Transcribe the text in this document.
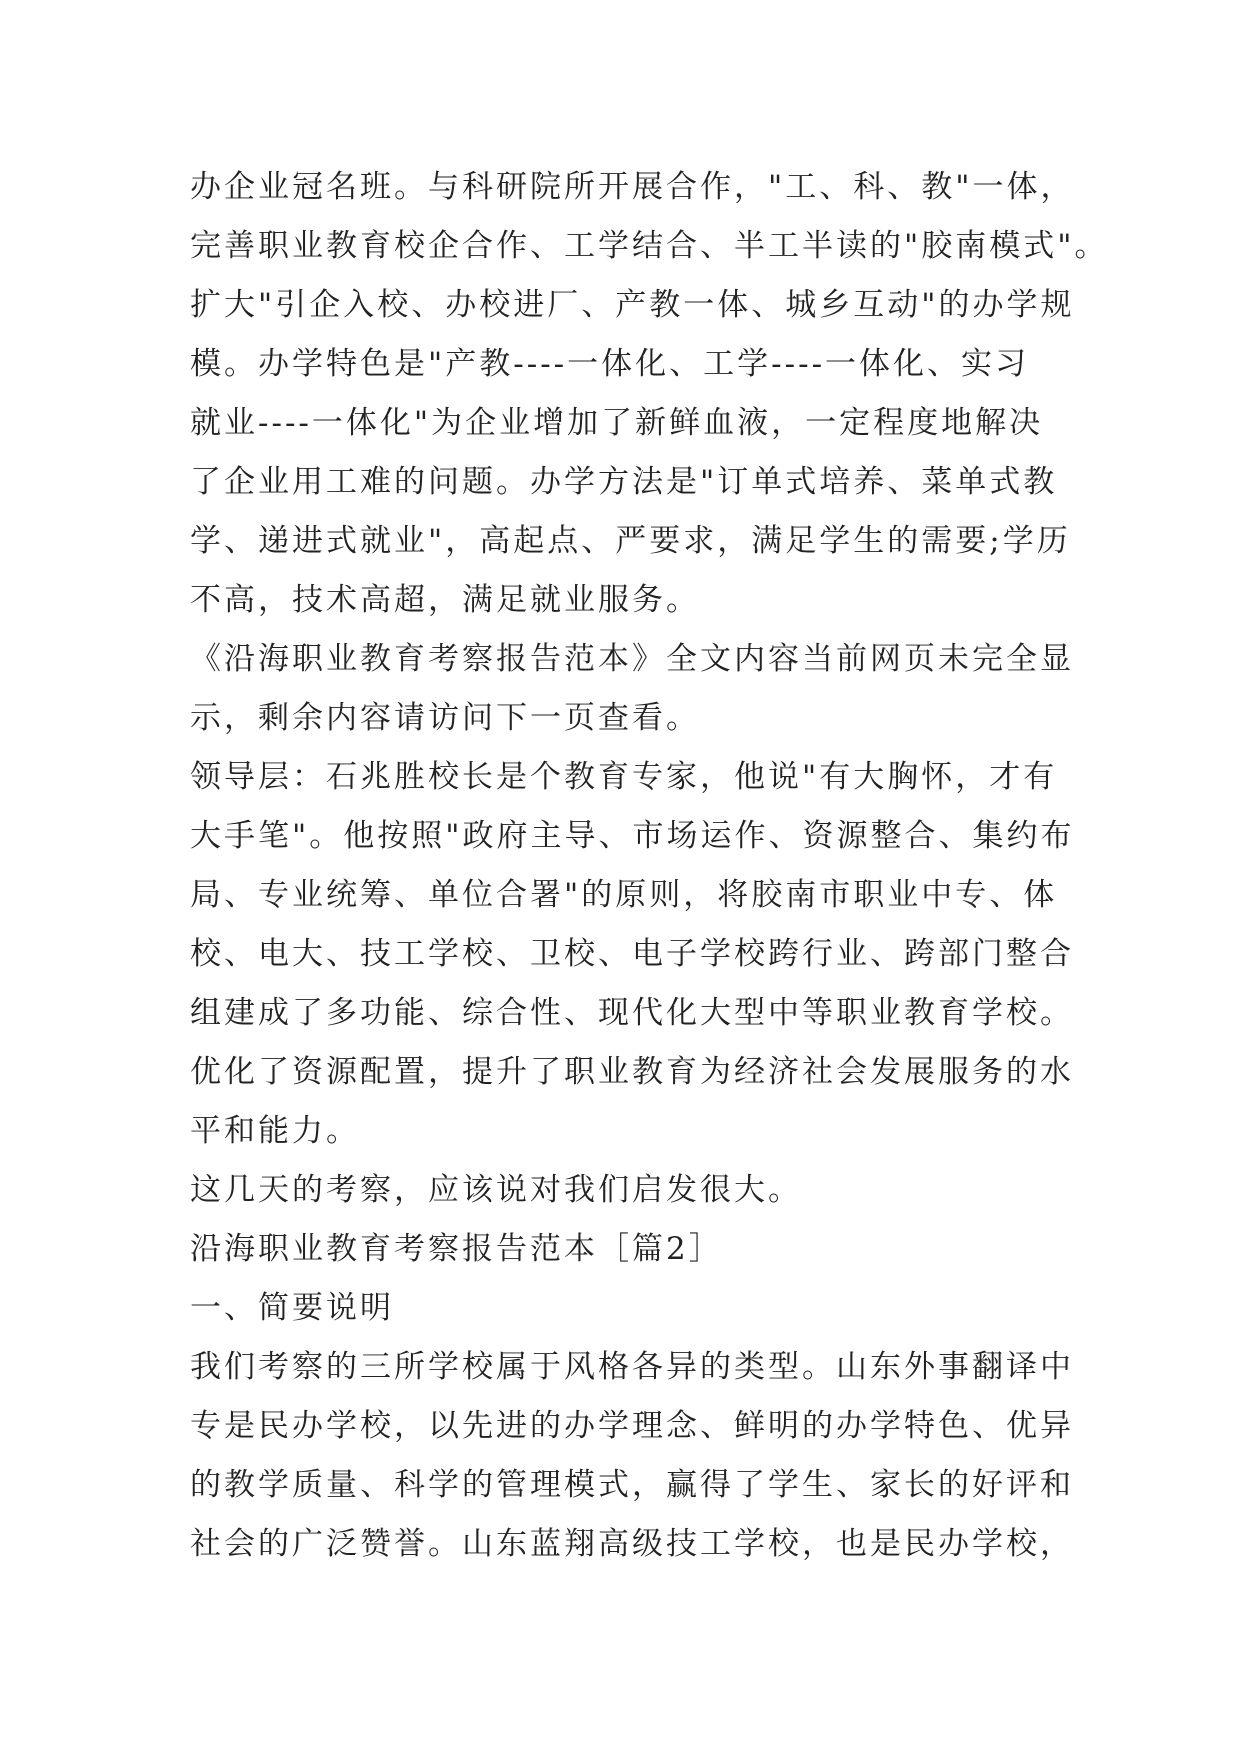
办企业冠名班。与科研院所开展合作，"工、科、教"一体，
完善职业教育校企合作、工学结合、半工半读的"胶南模式"。
扩大"引企入校、办校进厂、产教一体、城乡互动"的办学规
模。办学特色是"产教----一体化、工学----一体化、实习
就业----一体化"为企业增加了新鲜血液，一定程度地解决
了企业用工难的问题。办学方法是"订单式培养、菜单式教
学、递进式就业"，高起点、严要求，满足学生的需要;学历
不高，技术高超，满足就业服务。
《沿海职业教育考察报告范本》全文内容当前网页未完全显
示，剩余内容请访问下一页查看。
领导层：石兆胜校长是个教育专家，他说"有大胸怀，才有
大手笔"。他按照"政府主导、市场运作、资源整合、集约布
局、专业统筹、单位合署"的原则，将胶南市职业中专、体
校、电大、技工学校、卫校、电子学校跨行业、跨部门整合
组建成了多功能、综合性、现代化大型中等职业教育学校。
优化了资源配置，提升了职业教育为经济社会发展服务的水
平和能力。
这几天的考察，应该说对我们启发很大。
沿海职业教育考察报告范本［篇2］
一、简要说明
我们考察的三所学校属于风格各异的类型。山东外事翻译中
专是民办学校，以先进的办学理念、鲜明的办学特色、优异
的教学质量、科学的管理模式，赢得了学生、家长的好评和
社会的广泛赞誉。山东蓝翔高级技工学校，也是民办学校，
